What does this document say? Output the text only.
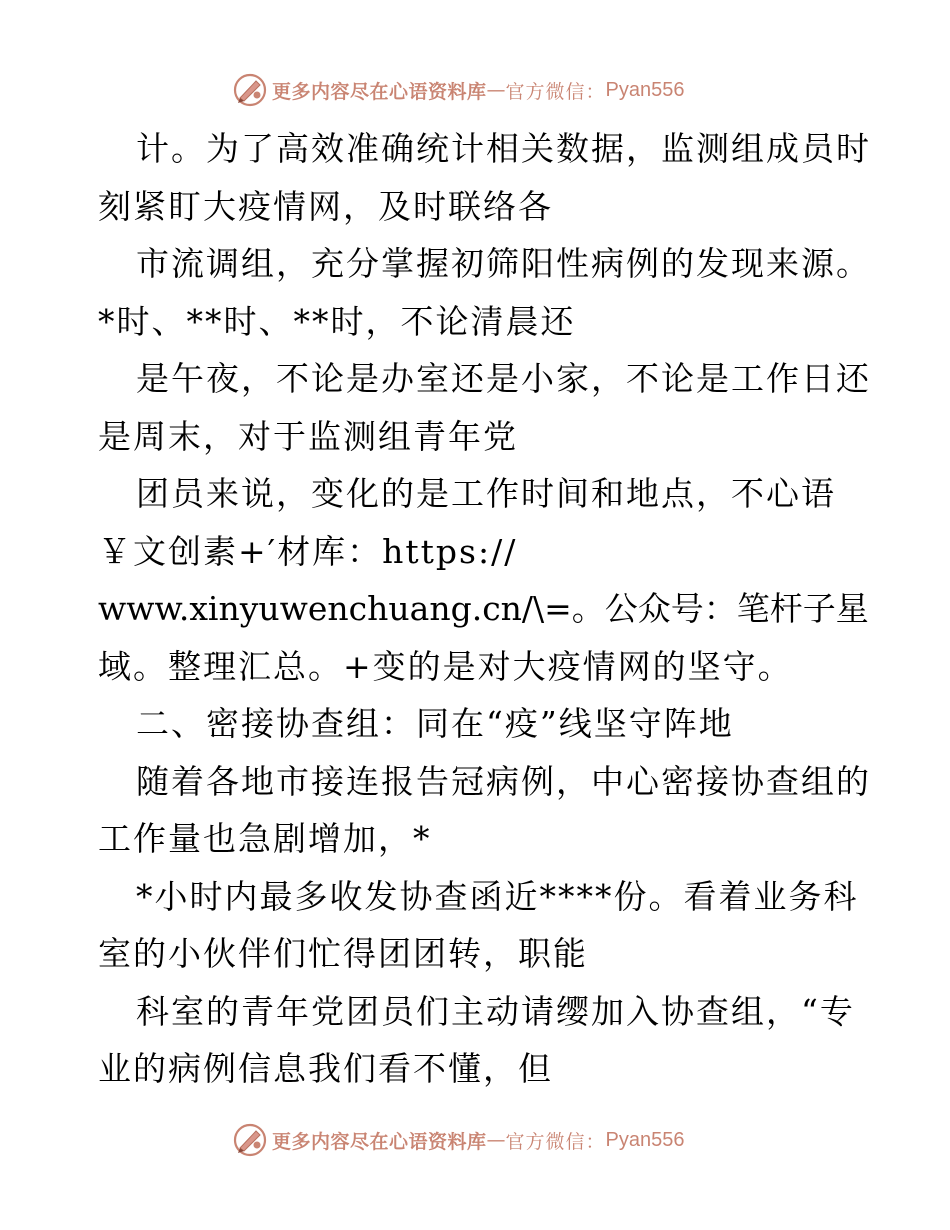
更多内容尽在心语资料库 — 官方微信： Pyan556
计。为了高效准确统计相关数据，监测组成员时
刻紧盯大疫情网，及时联络各
市流调组，充分掌握初筛阳性病例的发现来源。
*时、**时、**时，不论清晨还
是午夜，不论是办室还是小家，不论是工作日还
是周末，对于监测组青年党
团员来说，变化的是工作时间和地点，不心语
￥文创素+′材库：https://
www.xinyuwenchuang.cn/\=。公众号：笔杆子星
域。整理汇总。+变的是对大疫情网的坚守。
二、密接协查组：同在“疫”线坚守阵地
随着各地市接连报告冠病例，中心密接协查组的
工作量也急剧增加，*
*小时内最多收发协查函近****份。看着业务科
室的小伙伴们忙得团团转，职能
科室的青年党团员们主动请缨加入协查组，“专
业的病例信息我们看不懂，但
更多内容尽在心语资料库 — 官方微信： Pyan556
